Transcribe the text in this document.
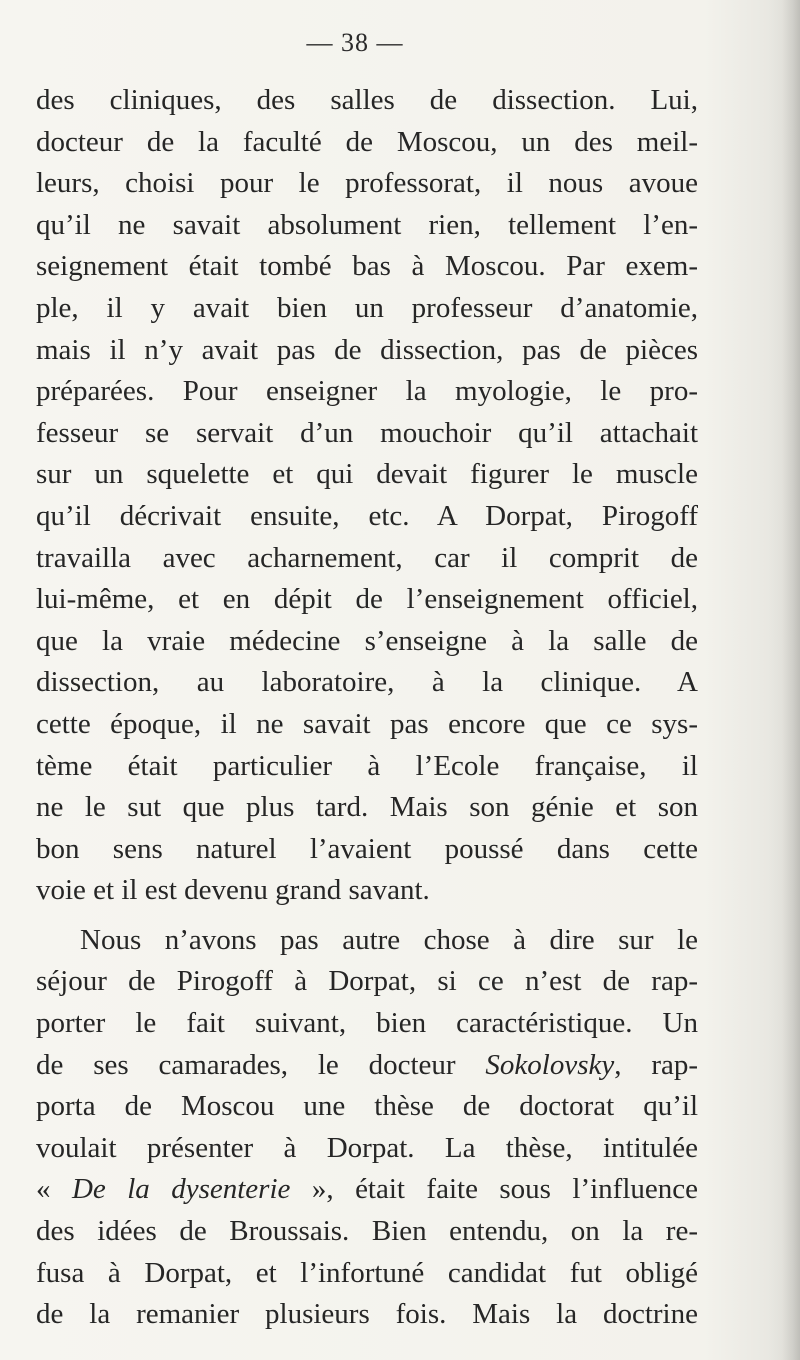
— 38 —
des cliniques, des salles de dissection. Lui,
docteur de la faculté de Moscou, un des meil-
leurs, choisi pour le professorat, il nous avoue
qu’il ne savait absolument rien, tellement l’en-
seignement était tombé bas à Moscou. Par exem-
ple, il y avait bien un professeur d’anatomie,
mais il n’y avait pas de dissection, pas de pièces
préparées. Pour enseigner la myologie, le pro-
fesseur se servait d’un mouchoir qu’il attachait
sur un squelette et qui devait figurer le muscle
qu’il décrivait ensuite, etc. A Dorpat, Pirogoff
travailla avec acharnement, car il comprit de
lui-même, et en dépit de l’enseignement officiel,
que la vraie médecine s’enseigne à la salle de
dissection, au laboratoire, à la clinique. A
cette époque, il ne savait pas encore que ce sys-
tème était particulier à l’Ecole française, il
ne le sut que plus tard. Mais son génie et son
bon sens naturel l’avaient poussé dans cette
voie et il est devenu grand savant.
Nous n’avons pas autre chose à dire sur le
séjour de Pirogoff à Dorpat, si ce n’est de rap-
porter le fait suivant, bien caractéristique. Un
de ses camarades, le docteur Sokolovsky, rap-
porta de Moscou une thèse de doctorat qu’il
voulait présenter à Dorpat. La thèse, intitulée
« De la dysenterie », était faite sous l’influence
des idées de Broussais. Bien entendu, on la re-
fusa à Dorpat, et l’infortuné candidat fut obligé
de la remanier plusieurs fois. Mais la doctrine
